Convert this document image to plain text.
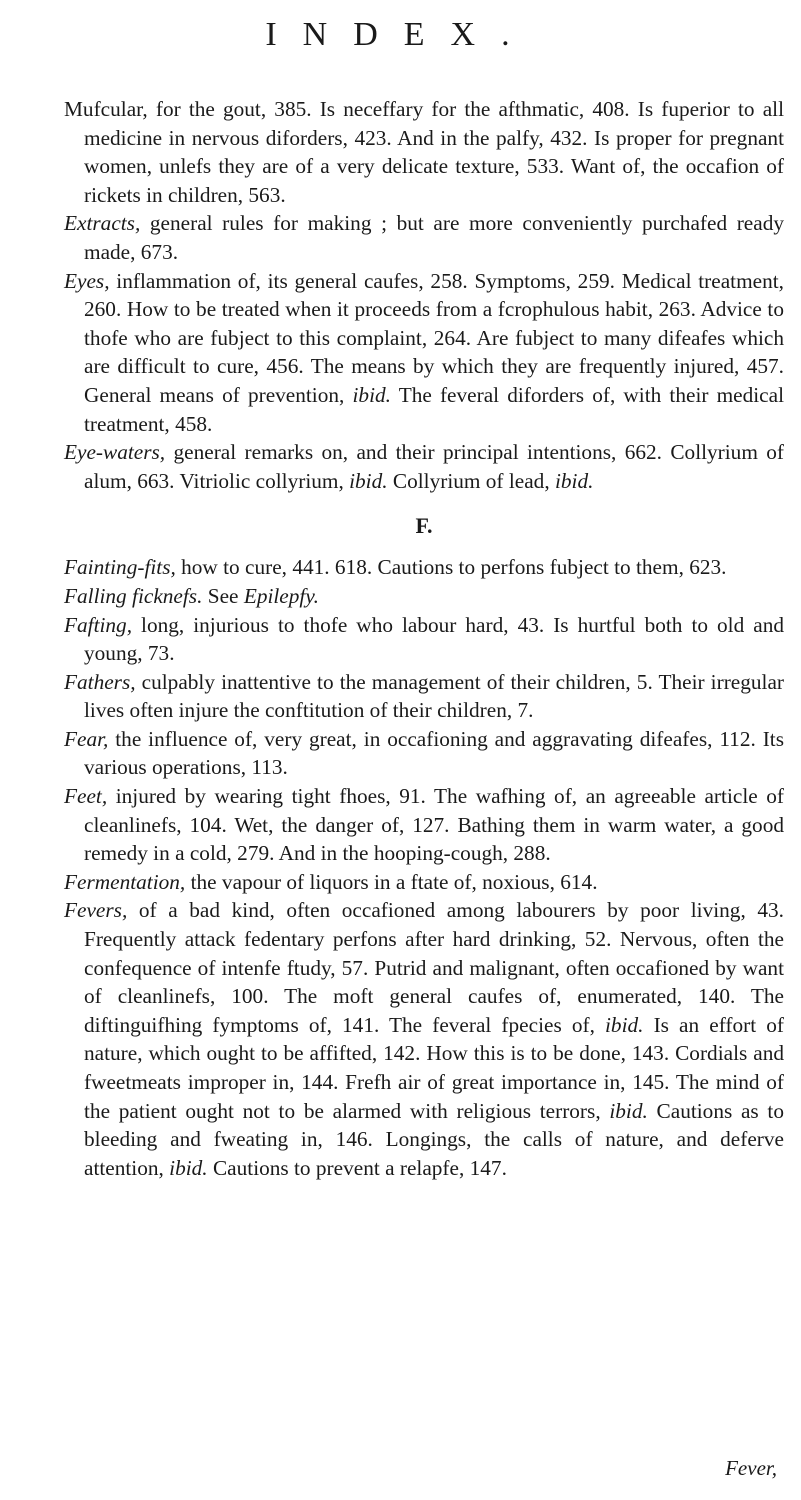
INDEX.

Mufcular, for the gout, 385. Is neceffary for the afthmatic, 408. Is fuperior to all medicine in nervous diforders, 423. And in the palfy, 432. Is proper for pregnant women, unlefs they are of a very delicate texture, 533. Want of, the occafion of rickets in children, 563.

Extracts, general rules for making ; but are more conveniently purchafed ready made, 673.

Eyes, inflammation of, its general caufes, 258. Symptoms, 259. Medical treatment, 260. How to be treated when it proceeds from a fcrophulous habit, 263. Advice to thofe who are fubject to this complaint, 264. Are fubject to many difeafes which are difficult to cure, 456. The means by which they are frequently injured, 457. General means of prevention, ibid. The feveral diforders of, with their medical treatment, 458.

Eye-waters, general remarks on, and their principal intentions, 662. Collyrium of alum, 663. Vitriolic collyrium, ibid. Collyrium of lead, ibid.

F.

Fainting-fits, how to cure, 441. 618. Cautions to perfons fubject to them, 623.

Falling ficknefs. See Epilepfy.

Fafting, long, injurious to thofe who labour hard, 43. Is hurtful both to old and young, 73.

Fathers, culpably inattentive to the management of their children, 5. Their irregular lives often injure the conftitution of their children, 7.

Fear, the influence of, very great, in occafioning and aggravating difeafes, 112. Its various operations, 113.

Feet, injured by wearing tight fhoes, 91. The wafhing of, an agreeable article of cleanlinefs, 104. Wet, the danger of, 127. Bathing them in warm water, a good remedy in a cold, 279. And in the hooping-cough, 288.

Fermentation, the vapour of liquors in a ftate of, noxious, 614.

Fevers, of a bad kind, often occafioned among labourers by poor living, 43. Frequently attack fedentary perfons after hard drinking, 52. Nervous, often the confequence of intenfe ftudy, 57. Putrid and malignant, often occafioned by want of cleanlinefs, 100. The moft general caufes of, enumerated, 140. The diftinguifhing fymptoms of, 141. The feveral fpecies of, ibid. Is an effort of nature, which ought to be affifted, 142. How this is to be done, 143. Cordials and fweetmeats improper in, 144. Frefh air of great importance in, 145. The mind of the patient ought not to be alarmed with religious terrors, ibid. Cautions as to bleeding and fweating in, 146. Longings, the calls of nature, and deferve attention, ibid. Cautions to prevent a relapfe, 147.

Fever,
